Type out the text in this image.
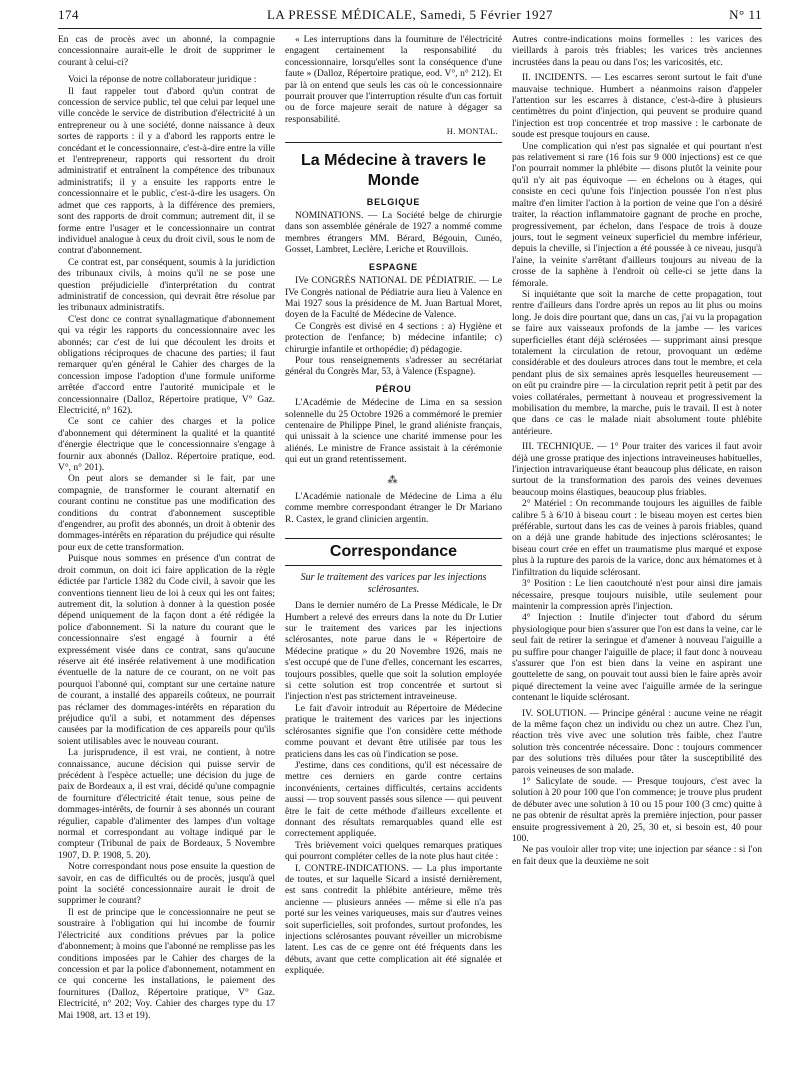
174	LA PRESSE MÉDICALE, Samedi, 5 Février 1927	N° 11

En cas de procès avec un abonné, la compagnie concessionnaire aurait-elle le droit de supprimer le courant à celui-ci?

Voici la réponse de notre collaborateur juridique :

Il faut rappeler tout d'abord qu'un contrat de concession de service public, tel que celui par lequel une ville concède le service de distribution d'électricité à un entrepreneur ou à une société, donne naissance à deux sortes de rapports : il y a d'abord les rapports entre le concédant et le concessionnaire, c'est-à-dire entre la ville et l'entrepreneur, rapports qui ressortent du droit administratif et entraînent la compétence des tribunaux administratifs; il y a ensuite les rapports entre le concessionnaire et le public, c'est-à-dire les usagers. On admet que ces rapports, à la différence des premiers, sont des rapports de droit commun; autrement dit, il se forme entre l'usager et le concessionnaire un contrat individuel analogue à ceux du droit civil, sous le nom de contrat d'abonnement.

Ce contrat est, par conséquent, soumis à la juridiction des tribunaux civils, à moins qu'il ne se pose une question préjudicielle d'interprétation du contrat administratif de concession, qui devrait être résolue par les tribunaux administratifs.

C'est donc ce contrat synallagmatique d'abonnement qui va régir les rapports du concessionnaire avec les abonnés; car c'est de lui que découlent les droits et obligations réciproques de chacune des parties; il faut remarquer qu'en général le Cahier des charges de la concession impose l'adoption d'une formule uniforme arrêtée d'accord entre l'autorité municipale et le concessionnaire (Dalloz, Répertoire pratique, V° Gaz. Electricité, n° 162).

Ce sont ce cahier des charges et la police d'abonnement qui déterminent la qualité et la quantité d'énergie électrique que le concessionnaire s'engage à fournir aux abonnés (Dalloz. Répertoire pratique, eod. V°, n° 201).

On peut alors se demander si le fait, par une compagnie, de transformer le courant alternatif en courant continu ne constitue pas une modification des conditions du contrat d'abonnement susceptible d'engendrer, au profit des abonnés, un droit à obtenir des dommages-intérêts en réparation du préjudice qui résulte pour eux de cette transformation.

Puisque nous sommes en présence d'un contrat de droit commun, on doit ici faire application de la règle édictée par l'article 1382 du Code civil, à savoir que les conventions tiennent lieu de loi à ceux qui les ont faites; autrement dit, la solution à donner à la question posée dépend uniquement de la façon dont a été rédigée la police d'abonnement. Si la nature du courant que le concessionnaire s'est engagé à fournir a été expressément visée dans ce contrat, sans qu'aucune réserve ait été insérée relativement à une modification éventuelle de la nature de ce courant, on ne voit pas pourquoi l'abonné qui, comptant sur une certaine nature de courant, a installé des appareils coûteux, ne pourrait pas réclamer des dommages-intérêts en réparation du préjudice qu'il a subi, et notamment des dépenses causées par la modification de ces appareils pour qu'ils soient utilisables avec le nouveau courant.

La jurisprudence, il est vrai, ne contient, à notre connaissance, aucune décision qui puisse servir de précédent à l'espèce actuelle; une décision du juge de paix de Bordeaux a, il est vrai, décidé qu'une compagnie de fourniture d'électricité était tenue, sous peine de dommages-intérêts, de fournir à ses abonnés un courant régulier, capable d'alimenter des lampes d'un voltage normal et correspondant au voltage indiqué par le compteur (Tribunal de paix de Bordeaux, 5 Novembre 1907, D. P. 1908, 5. 20).

Notre correspondant nous pose ensuite la question de savoir, en cas de difficultés ou de procès, jusqu'à quel point la société concessionnaire aurait le droit de supprimer le courant?

Il est de principe que le concessionnaire ne peut se soustraire à l'obligation qui lui incombe de fournir l'électricité aux conditions prévues par la police d'abonnement; à moins que l'abonné ne remplisse pas les conditions imposées par le Cahier des charges de la concession et par la police d'abonnement, notamment en ce qui concerne les installations, le paiement des fournitures (Dalloz, Répertoire pratique, V° Gaz. Electricité, n° 202; Voy. Cahier des charges type du 17 Mai 1908, art. 13 et 19).

« Les interruptions dans la fourniture de l'électricité engagent certainement la responsabilité du concessionnaire, lorsqu'elles sont la conséquence d'une faute » (Dalloz, Répertoire pratique, eod. V°, n° 212). Et par là on entend que seuls les cas où le concessionnaire pourrait prouver que l'interruption résulte d'un cas fortuit ou de force majeure serait de nature à dégager sa responsabilité.

H. MONTAL.
La Médecine à travers le Monde
BELGIQUE

NOMINATIONS. — La Société belge de chirurgie dans son assemblée générale de 1927 a nommé comme membres étrangers MM. Bérard, Bégouin, Cunéo, Gosset, Lambret, Leclère, Leriche et Rouvillois.

ESPAGNE

IVe CONGRÈS NATIONAL DE PÉDIATRIE. — Le IVe Congrès national de Pédiatrie aura lieu à Valence en Mai 1927 sous la présidence de M. Juan Bartual Moret, doyen de la Faculté de Médecine de Valence.

Ce Congrès est divisé en 4 sections : a) Hygiène et protection de l'enfance; b) médecine infantile; c) chirurgie infantile et orthopédie; d) pédagogie.

Pour tous renseignements s'adresser au secrétariat général du Congrès Mar, 53, à Valence (Espagne).

PÉROU

L'Académie de Médecine de Lima en sa session solennelle du 25 Octobre 1926 a commémoré le premier centenaire de Philippe Pinel, le grand aliéniste français, qui unissait à la science une charité immense pour les aliénés. Le ministre de France assistait à la cérémonie qui eut un grand retentissement.

⁂

L'Académie nationale de Médecine de Lima a élu comme membre correspondant étranger le Dr Mariano R. Castex, le grand clinicien argentin.

Correspondance
Sur le traitement des varices par les injections sclérosantes.

Dans le dernier numéro de La Presse Médicale, le Dr Humbert a relevé des erreurs dans la note du Dr Lutier sur le traitement des varices par les injections sclérosantes, note parue dans le « Répertoire de Médecine pratique » du 20 Novembre 1926, mais ne s'est occupé que de l'une d'elles, concernant les escarres, toujours possibles, quelle que soit la solution employée si cette solution est trop concentrée et surtout si l'injection n'est pas strictement intraveineuse.

Le fait d'avoir introduit au Répertoire de Médecine pratique le traitement des varices par les injections sclérosantes signifie que l'on considère cette méthode comme pouvant et devant être utilisée par tous les praticiens dans les cas où l'indication se pose.

J'estime, dans ces conditions, qu'il est nécessaire de mettre ces derniers en garde contre certains inconvénients, certaines difficultés, certains accidents aussi — trop souvent passés sous silence — qui peuvent être le fait de cette méthode d'ailleurs excellente et donnant des résultats remarquables quand elle est correctement appliquée.

Très brièvement voici quelques remarques pratiques qui pourront compléter celles de la note plus haut citée :

I. CONTRE-INDICATIONS. — La plus importante de toutes, et sur laquelle Sicard a insisté dernièrement, est sans contredit la phlébite antérieure, même très ancienne — plusieurs années — même si elle n'a pas porté sur les veines variqueuses, mais sur d'autres veines soit superficielles, soit profondes, surtout profondes, les injections sclérosantes pouvant réveiller un microbisme latent. Les cas de ce genre ont été fréquents dans les débuts, avant que cette complication ait été signalée et expliquée.

Autres contre-indications moins formelles : les varices des vieillards à parois très friables; les varices très anciennes incrustées dans la peau ou dans l'os; les varicosités, etc.

II. INCIDENTS. — Les escarres seront surtout le fait d'une mauvaise technique. Humbert a néanmoins raison d'appeler l'attention sur les escarres à distance, c'est-à-dire à plusieurs centimètres du point d'injection, qui peuvent se produire quand l'injection est trop concentrée et trop massive : le carbonate de soude est presque toujours en cause.

Une complication qui n'est pas signalée et qui pourtant n'est pas relativement si rare (16 fois sur 9 000 injections) est ce que l'on pourrait nommer la phlébite — disons plutôt la veinite pour qu'il n'y ait pas équivoque — en échelons ou à étages, qui consiste en ceci qu'une fois l'injection poussée l'on n'est plus maître d'en limiter l'action à la portion de veine que l'on a désiré traiter, la réaction inflammatoire gagnant de proche en proche, progressivement, par échelon, dans l'espace de trois à douze jours, tout le segment veineux superficiel du membre inférieur, depuis la cheville, si l'injection a été poussée à ce niveau, jusqu'à l'aine, la veinite s'arrêtant d'ailleurs toujours au niveau de la crosse de la saphène à l'endroit où celle-ci se jette dans la fémorale.

Si inquiétante que soit la marche de cette propagation, tout rentre d'ailleurs dans l'ordre après un repos au lit plus ou moins long. Je dois dire pourtant que, dans un cas, j'ai vu la propagation se faire aux vaisseaux profonds de la jambe — les varices superficielles étant déjà sclérosées — supprimant ainsi presque totalement la circulation de retour, provoquant un œdème considérable et des douleurs atroces dans tout le membre, et cela pendant plus de six semaines après lesquelles heureusement — on eût pu craindre pire — la circulation reprit petit à petit par des voies collatérales, permettant à nouveau et progressivement la mobilisation du membre, la marche, puis le travail. Il est à noter que dans ce cas le malade niait absolument toute phlébite antérieure.

III. TECHNIQUE. — 1° Pour traiter des varices il faut avoir déjà une grosse pratique des injections intraveineuses habituelles, l'injection intravariqueuse étant beaucoup plus délicate, en raison surtout de la transformation des parois des veines devenues beaucoup moins élastiques, beaucoup plus friables.

2° Matériel : On recommande toujours les aiguilles de faible calibre 5 à 6/10 à biseau court : le biseau moyen est certes bien préférable, surtout dans les cas de veines à parois friables, quand on a déjà une grande habitude des injections sclérosantes; le biseau court crée en effet un traumatisme plus marqué et expose plus à la rupture des parois de la varice, donc aux hématomes et à l'infiltration du liquide sclérosant.

3° Position : Le lien caoutchouté n'est pour ainsi dire jamais nécessaire, presque toujours nuisible, utile seulement pour maintenir la compression après l'injection.

4° Injection : Inutile d'injecter tout d'abord du sérum physiologique pour bien s'assurer que l'on est dans la veine, car le seul fait de retirer la seringue et d'amener à nouveau l'aiguille a pu suffire pour changer l'aiguille de place; il faut donc à nouveau s'assurer que l'on est bien dans la veine en aspirant une gouttelette de sang, on pouvait tout aussi bien le faire après avoir piqué directement la veine avec l'aiguille armée de la seringue contenant le liquide sclérosant.

IV. SOLUTION. — Principe général : aucune veine ne réagit de la même façon chez un individu ou chez un autre. Chez l'un, réaction très vive avec une solution très faible, chez l'autre solution très concentrée nécessaire. Donc : toujours commencer par des solutions très diluées pour tâter la susceptibilité des parois veineuses de son malade.

1° Salicylate de soude. — Presque toujours, c'est avec la solution à 20 pour 100 que l'on commence; je trouve plus prudent de débuter avec une solution à 10 ou 15 pour 100 (3 cmc) quitte à ne pas obtenir de résultat après la première injection, pour passer ensuite progressivement à 20, 25, 30 et, si besoin est, 40 pour 100.

Ne pas vouloir aller trop vite; une injection par séance : si l'on en fait deux que la deuxième ne soit
